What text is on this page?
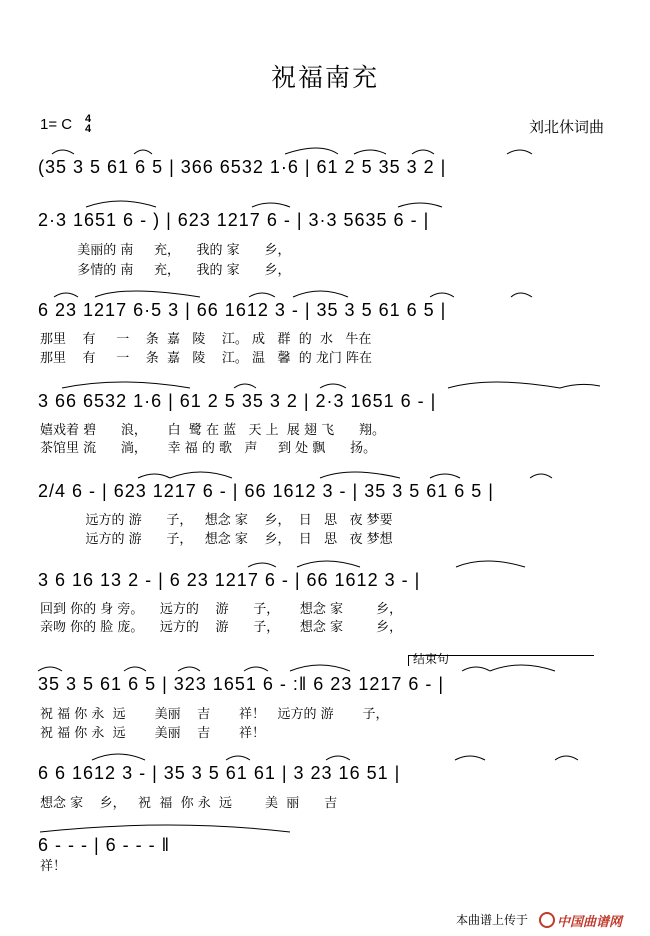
祝福南充
1= C 4
4	刘北休词曲
(35 3 5 61 6 5 | 366 6532 1·6 | 61 2 5 35 3 2 |
2·3 1651 6 - ) | 623 1217 6 - | 3·3 5635 6 - |
美丽的 南     充，    我的 家      乡，
多情的 南     充，    我的 家      乡，
6 23 1217 6·5 3 | 66 1612 3 - | 35 3 5 61 6 5 |
那里    有     一    条  嘉   陵    江。 成   群  的  水   牛在
那里    有     一    条  嘉   陵    江。 温   馨  的 龙门 阵在
3 66 6532 1·6 | 61 2 5 35 3 2 | 2·3 1651 6 - |
嬉戏着 碧      浪，     白  鹭 在 蓝   天 上  展 翅 飞      翔。
茶馆里 流      淌，     幸 福 的 歌   声     到 处 飘      扬。
2/4 6 - | 623 1217 6 - | 66 1612 3 - | 35 3 5 61 6 5 |
远方的 游      子，   想念 家    乡，  日   思   夜 梦要
远方的 游      子，   想念 家    乡，  日   思   夜 梦想
3 6 16 13 2 - | 6 23 1217 6 - | 66 1612 3 - |
回到 你的 身 旁。    远方的    游      子，     想念 家        乡，
亲吻 你的 脸 庞。    远方的    游      子，     想念 家        乡，
结束句
35 3 5 61 6 5 | 323 1651 6 - :‖ 6 23 1217 6 - |
祝 福 你 永  远       美丽    吉       祥！   远方的 游       子，
祝 福 你 永  远       美丽    吉       祥！
6 6 1612 3 - | 35 3 5 61 61 | 3 23 16 51 |
想念 家    乡，   祝  福  你 永  远        美  丽      吉
6 - - - | 6 - - - ‖
祥！
本曲谱上传于	中国曲谱网
